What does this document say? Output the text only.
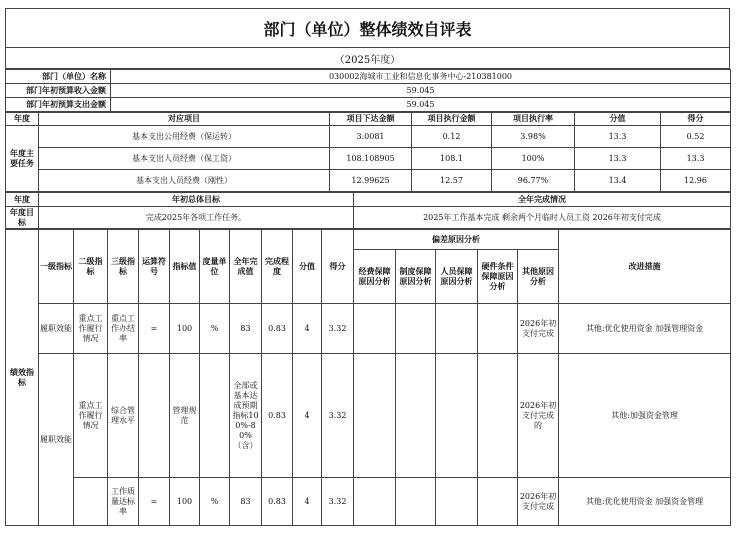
部门（单位）整体绩效自评表
（2025年度）
部门（单位）名称	030002海城市工业和信息化事务中心-210381000
部门年初预算收入金额	59.045
部门年初预算支出金额	59.045
年度	对应项目	项目下达金额	项目执行金额	项目执行率	分值	得分
年度主要任务	基本支出公用经费（保运转）	3.0081	0.12	3.98%	13.3	0.52
	基本支出人员经费（保工资）	108.108905	108.1	100%	13.3	13.3
	基本支出人员经费（刚性）	12.99625	12.57	96.77%	13.4	12.96
年度	年初总体目标	全年完成情况
年度目标	完成2025年各项工作任务。	2025年工作基本完成 剩余两个月临时人员工资 2026年初支付完成
绩效指标	一级指标	二级指标	三级指标	运算符号	指标值	度量单位	全年完成值	完成程度	分值	得分	偏差原因分析					改进措施
											经费保障原因分析	制度保障原因分析	人员保障原因分析	硬件条件保障原因分析	其他原因分析	
	履职效能	重点工作履行情况	重点工作办结率	=	100	%	83	0.83	4	3.32					2026年初支付完成	其他:优化使用资金 加强管理资金
	履职效能	重点工作履行情况	综合管理水平		管理规范		全部或基本达成预期指标100%-80%（含）	0.83	4	3.32					2026年初支付完成的	其他:加强资金管理
			工作质量达标率	=	100	%	83	0.83	4	3.32					2026年初支付完成	其他:优化使用资金 加强资金管理
